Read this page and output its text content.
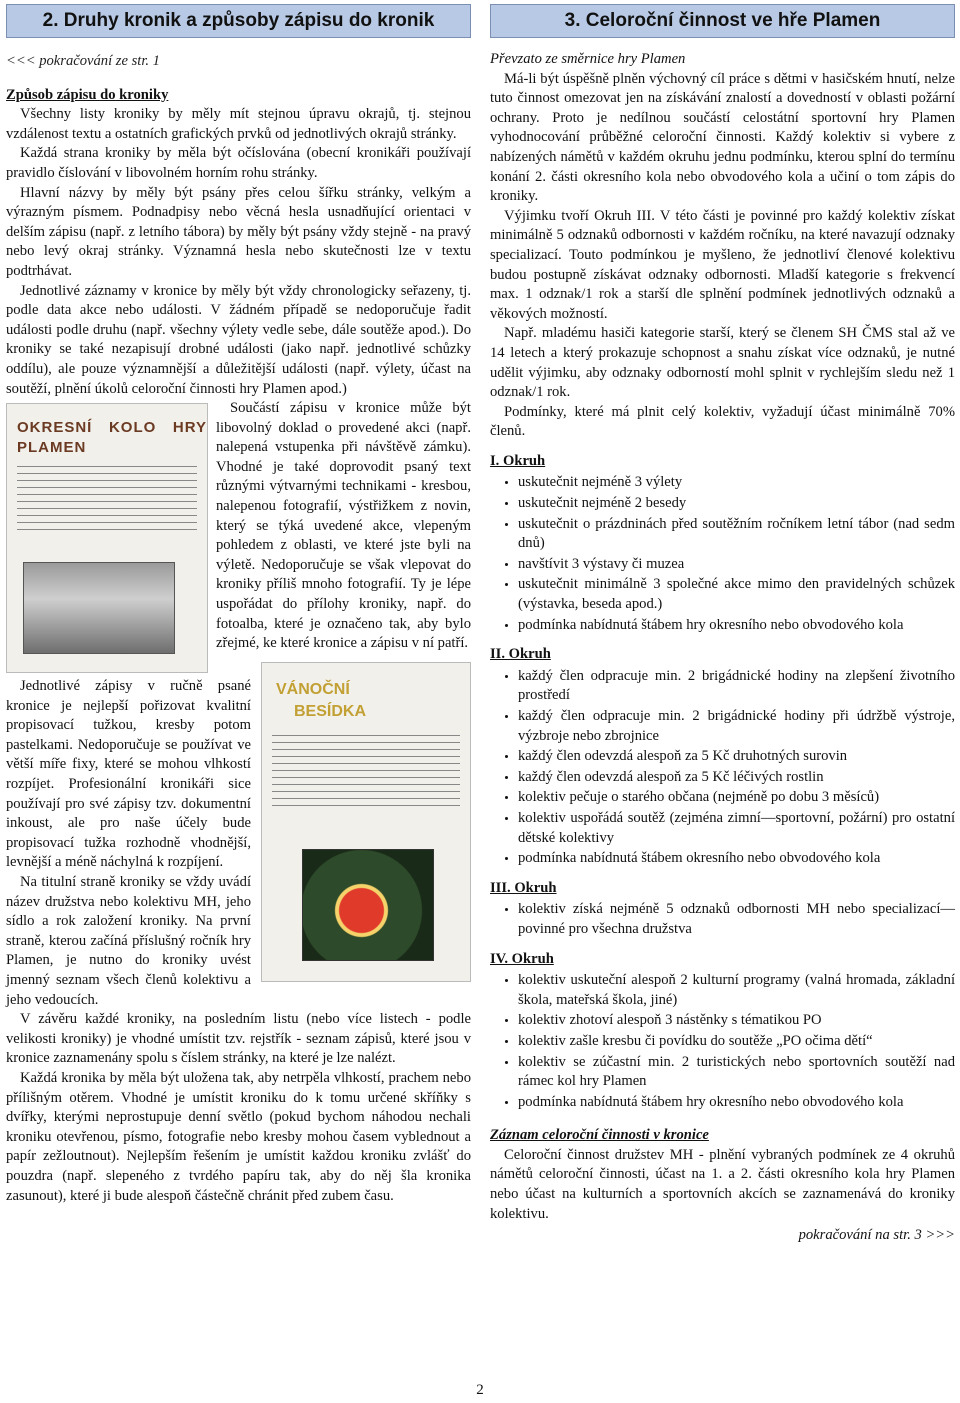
2. Druhy kronik a způsoby zápisu do kronik

<<< pokračování ze str. 1

Způsob zápisu do kroniky

Všechny listy kroniky by měly mít stejnou úpravu okrajů, tj. stejnou vzdálenost textu a ostatních grafických prvků od jednotlivých okrajů stránky.

Každá strana kroniky by měla být očíslována (obecní kronikáři používají pravidlo číslování v libovolném horním rohu stránky.

Hlavní názvy by měly být psány přes celou šířku stránky, velkým a výrazným písmem. Podnadpisy nebo věcná hesla usnadňující orientaci v delším zápisu (např. z letního tábora) by měly být psány vždy stejně - na pravý nebo levý okraj stránky. Významná hesla nebo skutečnosti lze v textu podtrhávat.

Jednotlivé záznamy v kronice by měly být vždy chronologicky seřazeny, tj. podle data akce nebo události. V žádném případě se nedoporučuje řadit události podle druhu (např. všechny výlety vedle sebe, dále soutěže apod.). Do kroniky se také nezapisují drobné události (jako např. jednotlivé schůzky oddílu), ale pouze významnější a důležitější události (např. výlety, účast na soutěží, plnění úkolů celoroční činnosti hry Plamen apod.)

OKRESNÍ KOLO HRY PLAMEN

Součástí zápisu v kronice může být libovolný doklad o provedené akci (např. nalepená vstupenka při návštěvě zámku). Vhodné je také doprovodit psaný text různými výtvarnými technikami - kresbou, nalepenou fotografií, výstřižkem z novin, který se týká uvedené akce, vlepeným pohledem z oblasti, ve které jste byli na výletě. Nedoporučuje se však vlepovat do kroniky příliš mnoho fotografií. Ty je lépe uspořádat do přílohy kroniky, např. do fotoalba, které je označeno tak, aby bylo zřejmé, ke které kronice a zápisu v ní patří.

VÁNOČNÍ
BESÍDKA

Jednotlivé zápisy v ručně psané kronice je nejlepší pořizovat kvalitní propisovací tužkou, kresby potom pastelkami. Nedoporučuje se používat ve větší míře fixy, které se mohou vlhkostí rozpíjet. Profesionální kronikáři sice používají pro své zápisy tzv. dokumentní inkoust, ale pro naše účely bude propisovací tužka rozhodně vhodnější, levnější a méně náchylná k rozpíjení.

Na titulní straně kroniky se vždy uvádí název družstva nebo kolektivu MH, jeho sídlo a rok založení kroniky. Na první straně, kterou začíná příslušný ročník hry Plamen, je nutno do kroniky uvést jmenný seznam všech členů kolektivu a jeho vedoucích.

V závěru každé kroniky, na posledním listu (nebo více listech - podle velikosti kroniky) je vhodné umístit tzv. rejstřík - seznam zápisů, které jsou v kronice zaznamenány spolu s číslem stránky, na které je lze nalézt.

Každá kronika by měla být uložena tak, aby netrpěla vlhkostí, prachem nebo přílišným otěrem. Vhodné je umístit kroniku do k tomu určené skříňky s dvířky, kterými neprostupuje denní světlo (pokud bychom náhodou nechali kroniku otevřenou, písmo, fotografie nebo kresby mohou časem vyblednout a papír zežloutnout). Nejlepším řešením je umístit každou kroniku zvlášť do pouzdra (např. slepeného z tvrdého papíru tak, aby do něj šla kronika zasunout), které ji bude alespoň částečně chránit před zubem času.

3. Celoroční činnost ve hře Plamen

Převzato ze směrnice hry Plamen

Má-li být úspěšně plněn výchovný cíl práce s dětmi v hasičském hnutí, nelze tuto činnost omezovat jen na získávání znalostí a dovedností v oblasti požární ochrany. Proto je nedílnou součástí celostátní sportovní hry Plamen vyhodnocování průběžné celoroční činnosti. Každý kolektiv si vybere z nabízených námětů v každém okruhu jednu podmínku, kterou splní do termínu konání 2. části okresního kola nebo obvodového kola a učiní o tom zápis do kroniky.

Výjimku tvoří Okruh III. V této části je povinné pro každý kolektiv získat minimálně 5 odznaků odbornosti v každém ročníku, na které navazují odznaky specializací. Touto podmínkou je myšleno, že jednotliví členové kolektivu budou postupně získávat odznaky odbornosti. Mladší kategorie s frekvencí max. 1 odznak/1 rok a starší dle splnění podmínek jednotlivých odznaků a věkových možností.

Např. mladému hasiči kategorie starší, který se členem SH ČMS stal až ve 14 letech a který prokazuje schopnost a snahu získat více odznaků, je nutné udělit výjimku, aby odznaky odborností mohl splnit v rychlejším sledu než 1 odznak/1 rok.

Podmínky, které má plnit celý kolektiv, vyžadují účast minimálně 70% členů.

I. Okruh
• uskutečnit nejméně 3 výlety
• uskutečnit nejméně 2 besedy
• uskutečnit o prázdninách před soutěžním ročníkem letní tábor (nad sedm dnů)
• navštívit 3 výstavy či muzea
• uskutečnit minimálně 3 společné akce mimo den pravidelných schůzek (výstavka, beseda apod.)
• podmínka nabídnutá štábem hry okresního nebo obvodového kola
II. Okruh
• každý člen odpracuje min. 2 brigádnické hodiny na zlepšení životního prostředí
• každý člen odpracuje min. 2 brigádnické hodiny při údržbě výstroje, výzbroje nebo zbrojnice
• každý člen odevzdá alespoň za 5 Kč druhotných surovin
• každý člen odevzdá alespoň za 5 Kč léčivých rostlin
• kolektiv pečuje o starého občana (nejméně po dobu 3 měsíců)
• kolektiv uspořádá soutěž (zejména zimní—sportovní, požární) pro ostatní dětské kolektivy
• podmínka nabídnutá štábem okresního nebo obvodového kola
III. Okruh
• kolektiv získá nejméně 5 odznaků odbornosti MH nebo specializací—povinné pro všechna družstva
IV. Okruh
• kolektiv uskuteční alespoň 2 kulturní programy (valná hromada, základní škola, mateřská škola, jiné)
• kolektiv zhotoví alespoň 3 nástěnky s tématikou PO
• kolektiv zašle kresbu či povídku do soutěže „PO očima dětí“
• kolektiv se zúčastní min. 2 turistických nebo sportovních soutěží nad rámec kol hry Plamen
• podmínka nabídnutá štábem hry okresního nebo obvodového kola
Záznam celoroční činnosti v kronice

Celoroční činnost družstev MH - plnění vybraných podmínek ze 4 okruhů námětů celoroční činnosti, účast na 1. a 2. části okresního kola hry Plamen nebo účast na kulturních a sportovních akcích se zaznamenává do kroniky kolektivu.

pokračování na str. 3 >>>
2
